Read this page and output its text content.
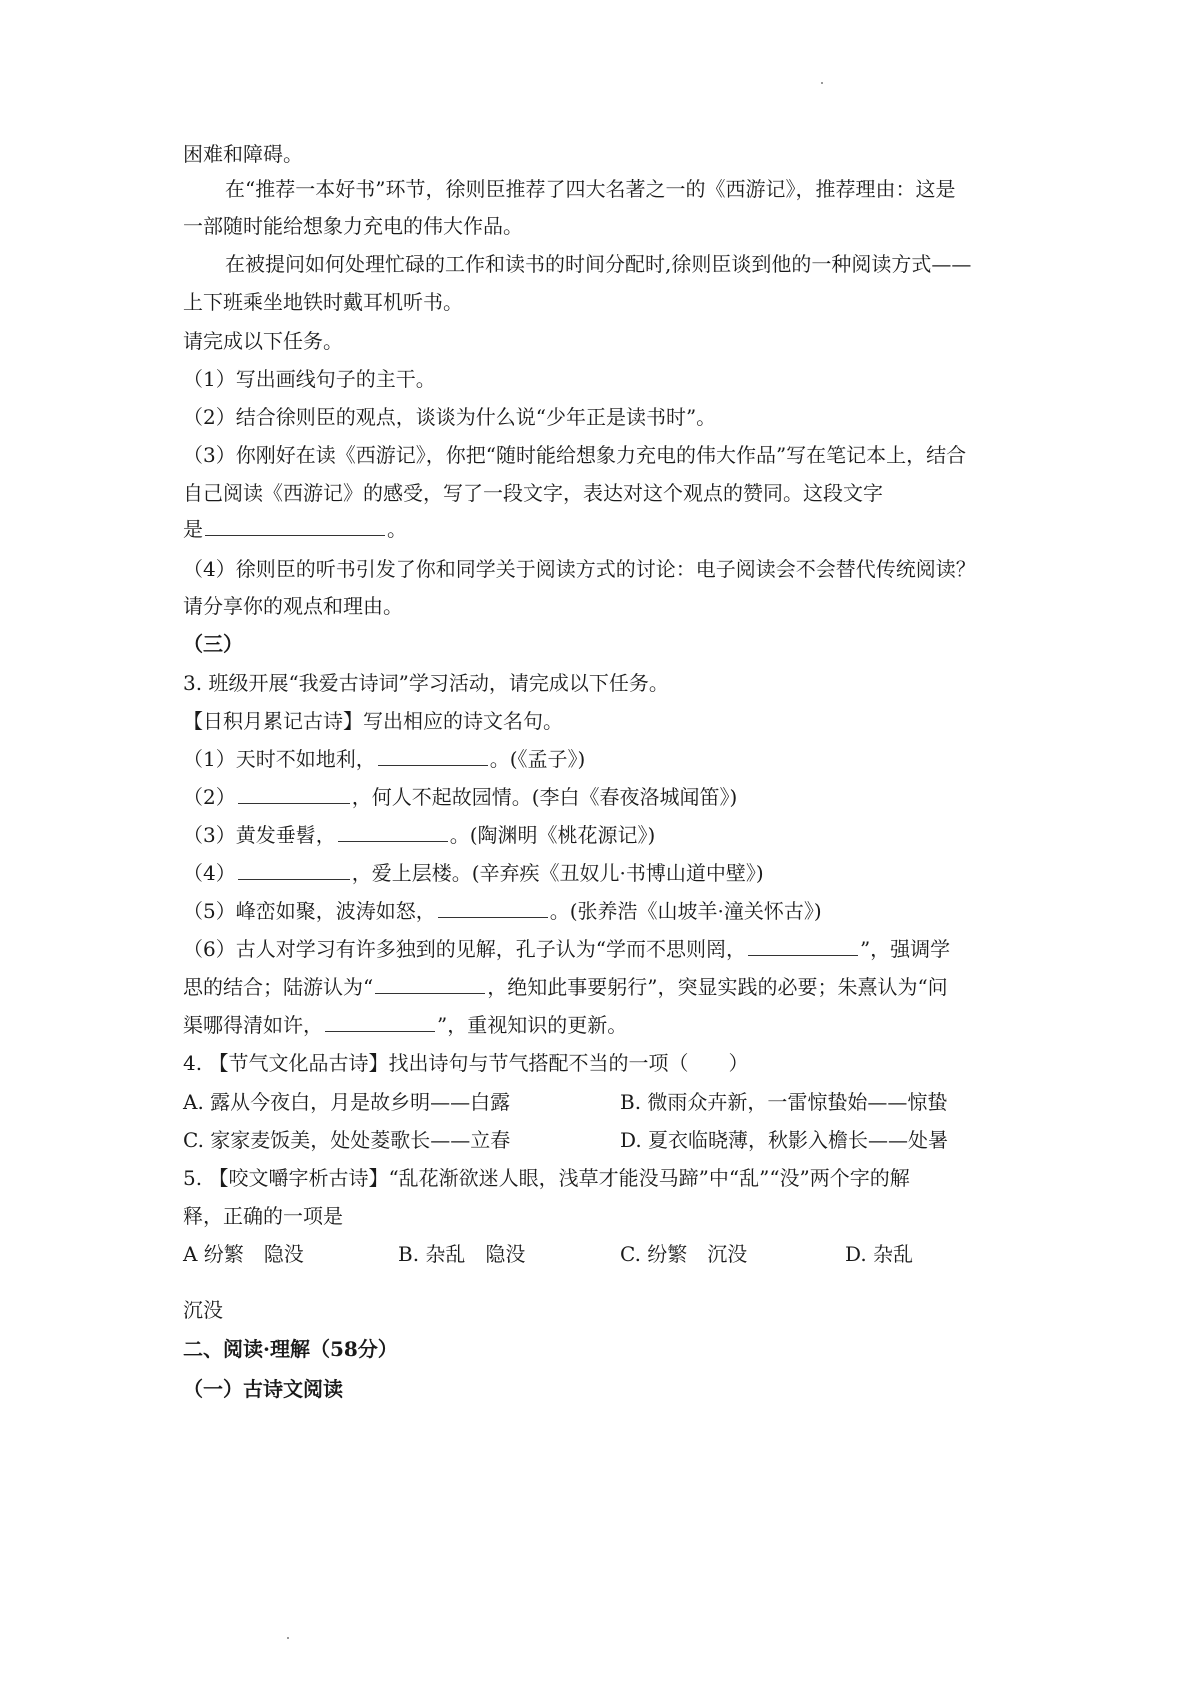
困难和障碍。
在“推荐一本好书”环节，徐则臣推荐了四大名著之一的《西游记》，推荐理由：这是
一部随时能给想象力充电的伟大作品。
在被提问如何处理忙碌的工作和读书的时间分配时,徐则臣谈到他的一种阅读方式——
上下班乘坐地铁时戴耳机听书。
请完成以下任务。
（1）写出画线句子的主干。
（2）结合徐则臣的观点，谈谈为什么说“少年正是读书时”。
（3）你刚好在读《西游记》，你把“随时能给想象力充电的伟大作品”写在笔记本上，结合
自己阅读《西游记》的感受，写了一段文字，表达对这个观点的赞同。这段文字
是	。
（4）徐则臣的听书引发了你和同学关于阅读方式的讨论：电子阅读会不会替代传统阅读？
请分享你的观点和理由。
（三）
3. 班级开展“我爱古诗词”学习活动，请完成以下任务。
【日积月累记古诗】写出相应的诗文名句。
（1）天时不如地利，	。(《孟子》)
（2）	，何人不起故园情。(李白《春夜洛城闻笛》)
（3）黄发垂髫，	。(陶渊明《桃花源记》)
（4）	，爱上层楼。(辛弃疾《丑奴儿·书博山道中壁》)
（5）峰峦如聚，波涛如怒，	。(张养浩《山坡羊·潼关怀古》)
（6）古人对学习有许多独到的见解，孔子认为“学而不思则罔，	”，强调学
思的结合；陆游认为“	，绝知此事要躬行”，突显实践的必要；朱熹认为“问
渠哪得清如许，	”，重视知识的更新。
4. 【节气文化品古诗】找出诗句与节气搭配不当的一项（　　）
A. 露从今夜白，月是故乡明——白露	B. 微雨众卉新，一雷惊蛰始——惊蛰
C. 家家麦饭美，处处菱歌长——立春	D. 夏衣临晓薄，秋影入檐长——处暑
5. 【咬文嚼字析古诗】“乱花渐欲迷人眼，浅草才能没马蹄”中“乱”“没”两个字的解
释，正确的一项是
A 纷繁　隐没	B. 杂乱　隐没	C. 纷繁　沉没	D. 杂乱
沉没
二、阅读·理解（58分）
（一）古诗文阅读
